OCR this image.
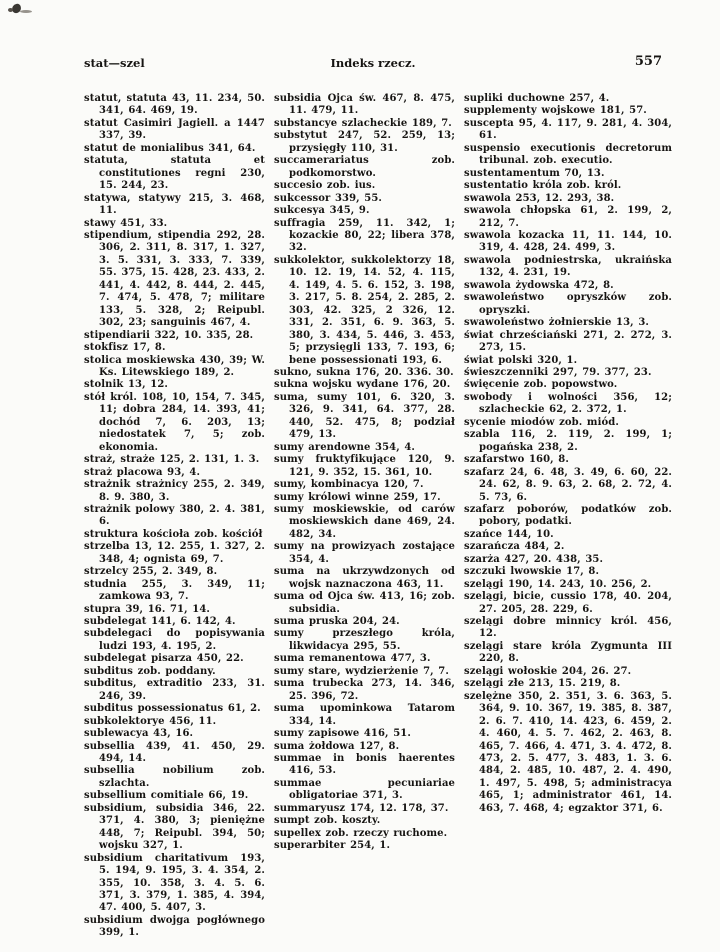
stat—szel	Indeks rzecz.	557
statut, statuta 43, 11. 234, 50. 341, 64. 469, 19.
statut Casimiri Jagiell. a 1447 337, 39.
statut de monialibus 341, 64.
statuta, statuta et constitutiones regni 230, 15. 244, 23.
statywa, statywy 215, 3. 468, 11.
stawy 451, 33.
stipendium, stipendia 292, 28. 306, 2. 311, 8. 317, 1. 327, 3. 5. 331, 3. 333, 7. 339, 55. 375, 15. 428, 23. 433, 2. 441, 4. 442, 8. 444, 2. 445, 7. 474, 5. 478, 7; militare 133, 5. 328, 2; Reipubl. 302, 23; sanguinis 467, 4.
stipendiarii 322, 10. 335, 28.
stokfisz 17, 8.
stolica moskiewska 430, 39; W. Ks. Litewskiego 189, 2.
stolnik 13, 12.
stół król. 108, 10, 154, 7. 345, 11; dobra 284, 14. 393, 41; dochód 7, 6. 203, 13; niedostatek 7, 5; zob. ekonomia.
straż, straże 125, 2. 131, 1. 3.
straż placowa 93, 4.
strażnik strażnicy 255, 2. 349, 8. 9. 380, 3.
strażnik polowy 380, 2. 4. 381, 6.
struktura kościoła zob. kościół
strzelba 13, 12. 255, 1. 327, 2. 348, 4; ognista 69, 7.
strzelcy 255, 2. 349, 8.
studnia 255, 3. 349, 11; zamkowa 93, 7.
stupra 39, 16. 71, 14.
subdelegat 141, 6. 142, 4.
subdelegaci do popisywania ludzi 193, 4. 195, 2.
subdelegat pisarza 450, 22.
subditus zob. poddany.
subditus, extraditio 233, 31. 246, 39.
subditus possessionatus 61, 2.
subkolektorye 456, 11.
sublewacya 43, 16.
subsellia 439, 41. 450, 29. 494, 14.
subsellia nobilium zob. szlachta.
subsellium comitiale 66, 19.
subsidium, subsidia 346, 22. 371, 4. 380, 3; pieniężne 448, 7; Reipubl. 394, 50; wojsku 327, 1.
subsidium charitativum 193, 5. 194, 9. 195, 3. 4. 354, 2. 355, 10. 358, 3. 4. 5. 6. 371, 3. 379, 1. 385, 4. 394, 47. 400, 5. 407, 3.
subsidium dwojga pogłównego 399, 1.
subsidia Ojca św. 467, 8. 475, 11. 479, 11.
substancye szlacheckie 189, 7.
substytut 247, 52. 259, 13; przysięgły 110, 31.
succamerariatus zob. podkomorstwo.
succesio zob. ius.
sukcessor 339, 55.
sukcesya 345, 9.
suffragia 259, 11. 342, 1; kozackie 80, 22; libera 378, 32.
sukkolektor, sukkolektorzy 18, 10. 12. 19, 14. 52, 4. 115, 4. 149, 4. 5. 6. 152, 3. 198, 3. 217, 5. 8. 254, 2. 285, 2. 303, 42. 325, 2 326, 12. 331, 2. 351, 6. 9. 363, 5. 380, 3. 434, 5. 446, 3. 453, 5; przysięgli 133, 7. 193, 6; bene possessionati 193, 6.
sukno, sukna 176, 20. 336. 30.
sukna wojsku wydane 176, 20.
suma, sumy 101, 6. 320, 3. 326, 9. 341, 64. 377, 28. 440, 52. 475, 8; podział 479, 13.
sumy arendowne 354, 4.
sumy fruktyfikujące 120, 9. 121, 9. 352, 15. 361, 10.
sumy, kombinacya 120, 7.
sumy królowi winne 259, 17.
sumy moskiewskie, od carów moskiewskich dane 469, 24. 482, 34.
sumy na prowizyach zostające 354, 4.
suma na ukrzywdzonych od wojsk naznaczona 463, 11.
suma od Ojca św. 413, 16; zob. subsidia.
suma pruska 204, 24.
sumy przeszłego króla, likwidacya 295, 55.
suma remanentowa 477, 3.
sumy stare, wydzierżenie 7, 7.
suma trubecka 273, 14. 346, 25. 396, 72.
suma upominkowa Tatarom 334, 14.
sumy zapisowe 416, 51.
suma żołdowa 127, 8.
summae in bonis haerentes 416, 53.
summae pecuniariae obligatoriae 371, 3.
summaryusz 174, 12. 178, 37.
sumpt zob. koszty.
supellex zob. rzeczy ruchome.
superarbiter 254, 1.
supliki duchowne 257, 4.
supplementy wojskowe 181, 57.
suscepta 95, 4. 117, 9. 281, 4. 304, 61.
suspensio executionis decretorum tribunal. zob. executio.
sustentamentum 70, 13.
sustentatio króla zob. król.
swawola 253, 12. 293, 38.
swawola chłopska 61, 2. 199, 2, 212, 7.
swawola kozacka 11, 11. 144, 10. 319, 4. 428, 24. 499, 3.
swawola podniestrska, ukraińska 132, 4. 231, 19.
swawola żydowska 472, 8.
swawoleństwo opryszków zob. opryszki.
swawoleństwo żołnierskie 13, 3.
świat chrześciański 271, 2. 272, 3. 273, 15.
świat polski 320, 1.
świeszczenniki 297, 79. 377, 23.
święcenie zob. popowstwo.
swobody i wolności 356, 12; szlacheckie 62, 2. 372, 1.
sycenie miodów zob. miód.
szabla 116, 2. 119, 2. 199, 1; pogańska 238, 2.
szafarstwo 160, 8.
szafarz 24, 6. 48, 3. 49, 6. 60, 22. 24. 62, 8. 9. 63, 2. 68, 2. 72, 4. 5. 73, 6.
szafarz poborów, podatków zob. pobory, podatki.
szańce 144, 10.
szarańcza 484, 2.
szarża 427, 20. 438, 35.
szczuki lwowskie 17, 8.
szelągi 190, 14. 243, 10. 256, 2.
szelągi, bicie, cussio 178, 40. 204, 27. 205, 28. 229, 6.
szelągi dobre minnicy król. 456, 12.
szelągi stare króla Zygmunta III 220, 8.
szelągi wołoskie 204, 26. 27.
szelągi złe 213, 15. 219, 8.
szelężne 350, 2. 351, 3. 6. 363, 5. 364, 9. 10. 367, 19. 385, 8. 387, 2. 6. 7. 410, 14. 423, 6. 459, 2. 4. 460, 4. 5. 7. 462, 2. 463, 8. 465, 7. 466, 4. 471, 3. 4. 472, 8. 473, 2. 5. 477, 3. 483, 1. 3. 6. 484, 2. 485, 10. 487, 2. 4. 490, 1. 497, 5. 498, 5; administracya 465, 1; administrator 461, 14. 463, 7. 468, 4; egzaktor 371, 6.
